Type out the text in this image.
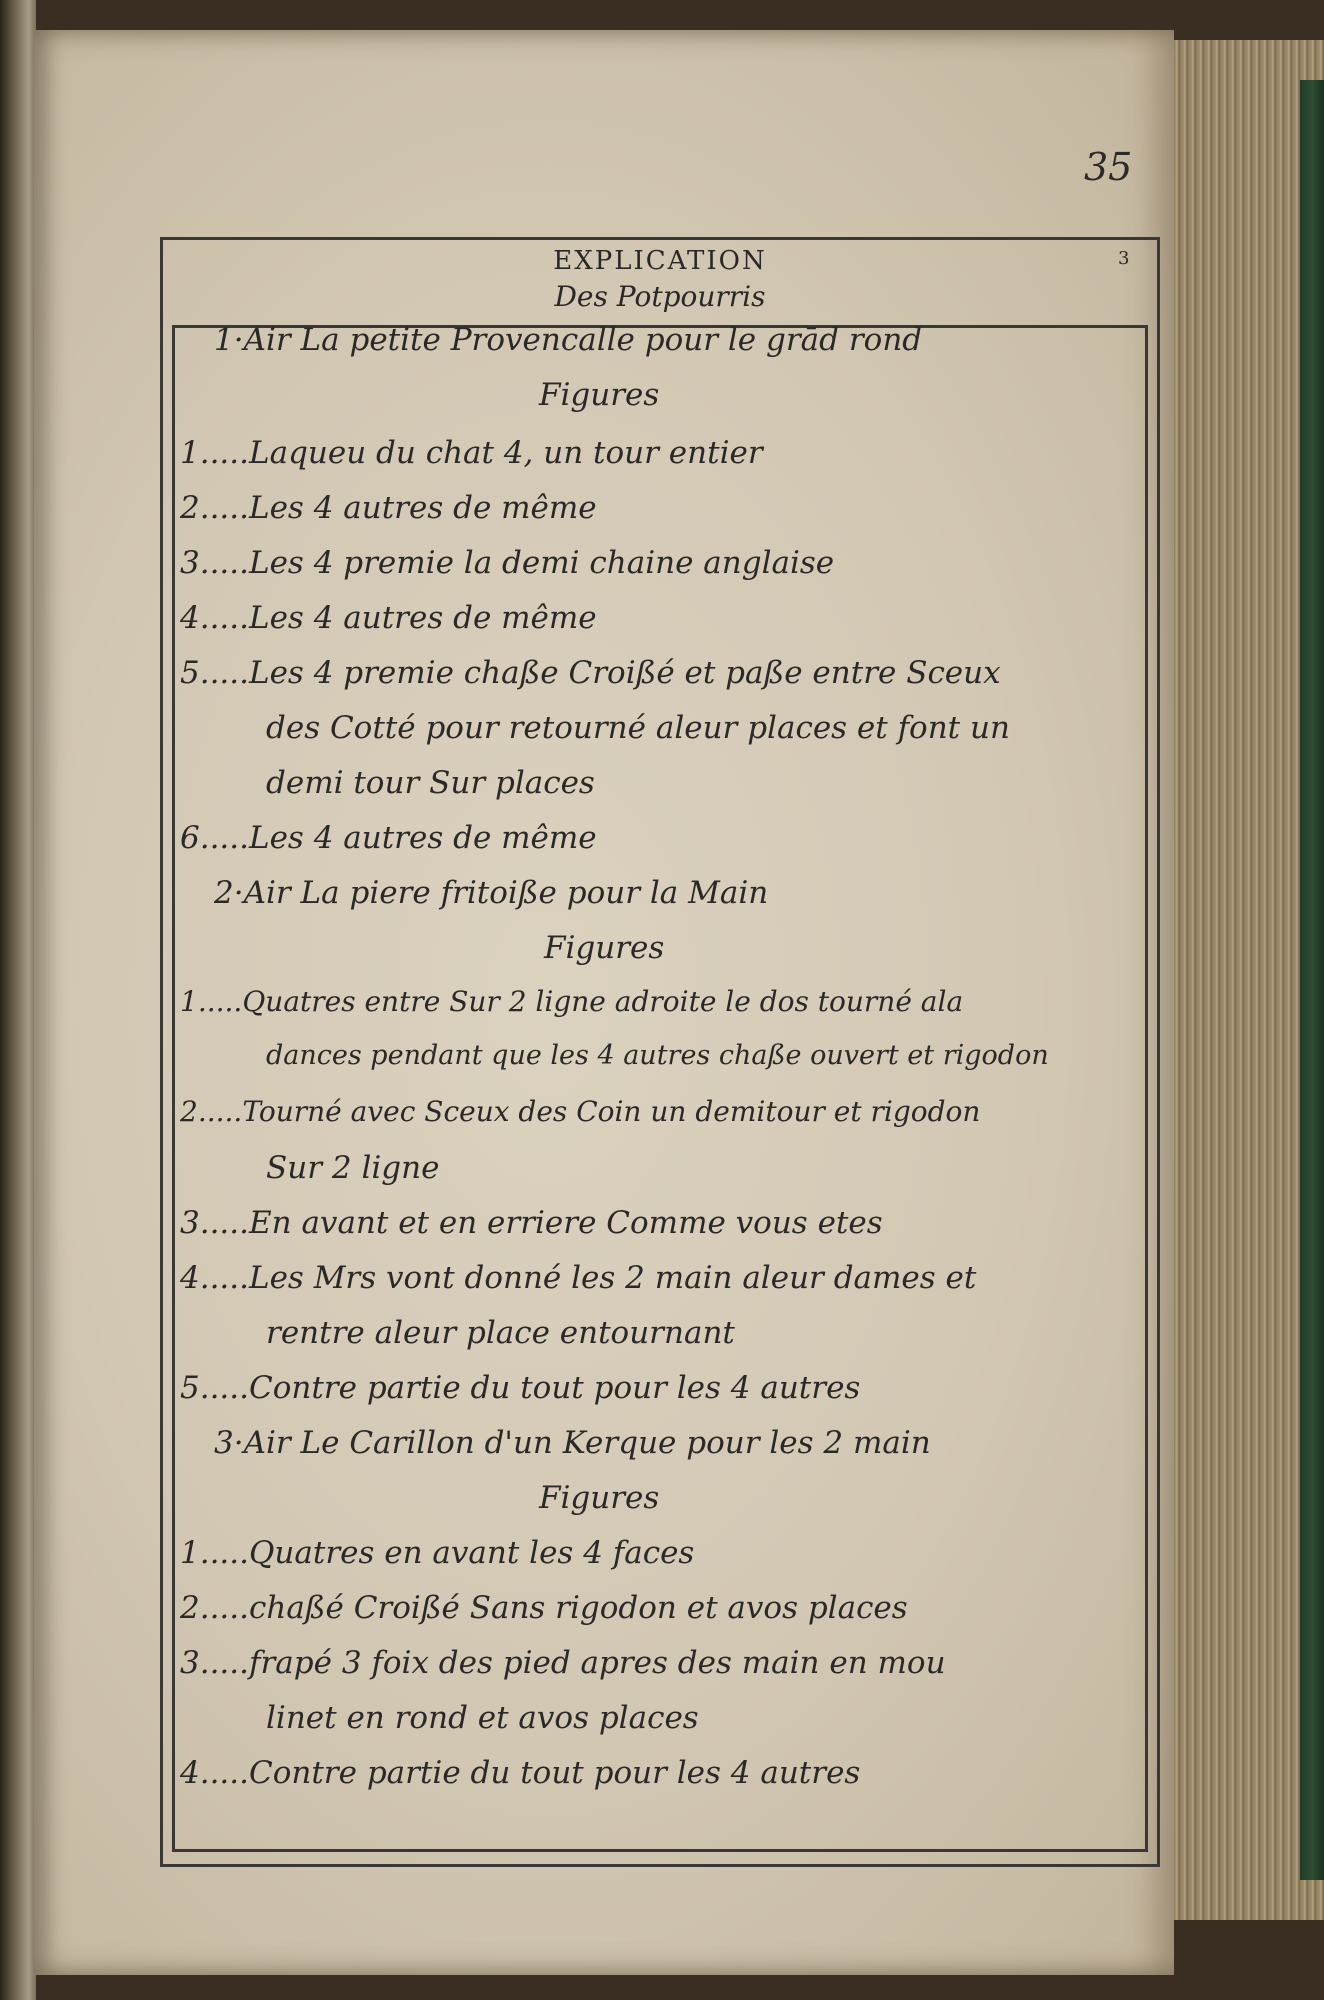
35
EXPLICATION
Des Potpourris
3
1·Air La petite Provencalle pour le grād rond
Figures
1.....Laqueu du chat 4, un tour entier
2.....Les 4 autres de même
3.....Les 4 premie la demi chaine anglaise
4.....Les 4 autres de même
5.....Les 4 premie chaße Croißé et paße entre Sceux
des Cotté pour retourné aleur places et font un
demi tour Sur places
6.....Les 4 autres de même
2·Air La piere fritoiße pour la Main
Figures
1.....Quatres entre Sur 2 ligne adroite le dos tourné ala
dances pendant que les 4 autres chaße ouvert et rigodon
2.....Tourné avec Sceux des Coin un demitour et rigodon
Sur 2 ligne
3.....En avant et en erriere Comme vous etes
4.....Les Mrs vont donné les 2 main aleur dames et
rentre aleur place entournant
5.....Contre partie du tout pour les 4 autres
3·Air Le Carillon d'un Kerque pour les 2 main
Figures
1.....Quatres en avant les 4 faces
2.....chaßé Croißé Sans rigodon et avos places
3.....frapé 3 foix des pied apres des main en mou
linet en rond et avos places
4.....Contre partie du tout pour les 4 autres
